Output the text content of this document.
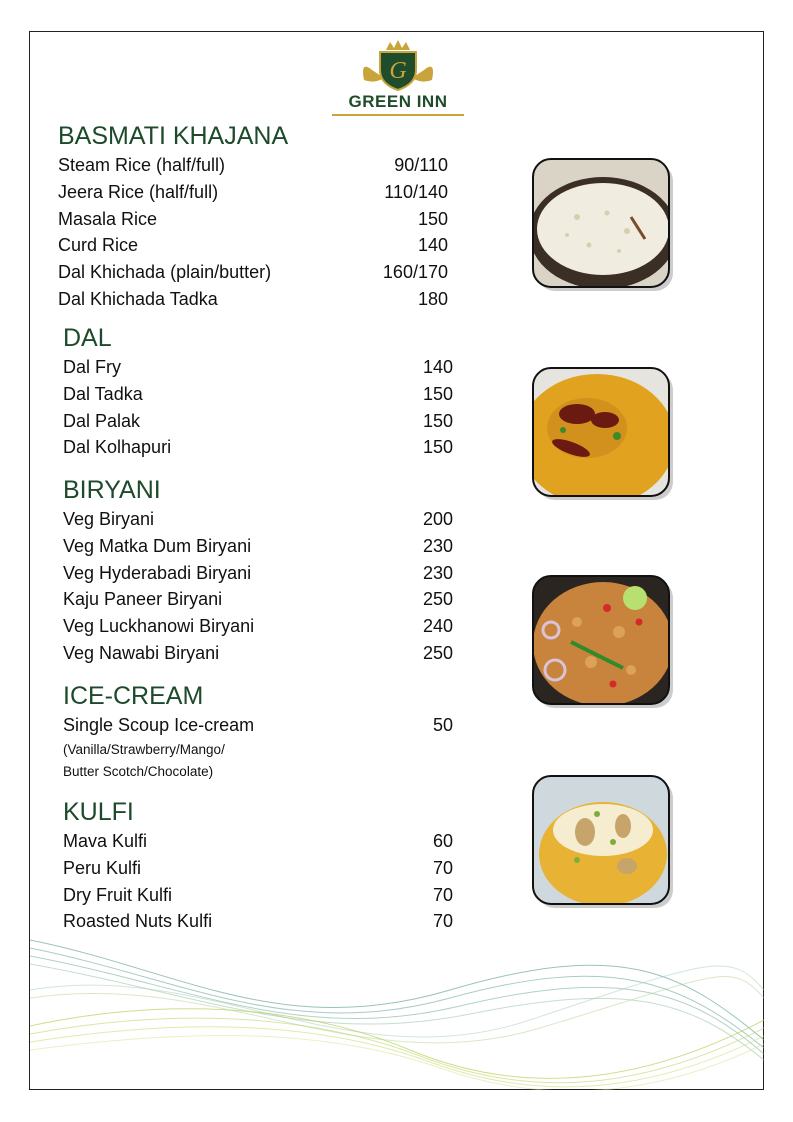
G
GREEN INN
BASMATI KHAJANA
Steam Rice (half/full)	90/110
Jeera Rice (half/full)	110/140
Masala Rice	150
Curd Rice	140
Dal Khichada (plain/butter)	160/170
Dal Khichada Tadka	180
DAL
Dal Fry	140
Dal Tadka	150
Dal Palak	150
Dal Kolhapuri	150
BIRYANI
Veg Biryani	200
Veg Matka Dum Biryani	230
Veg Hyderabadi Biryani	230
Kaju Paneer Biryani	250
Veg Luckhanowi Biryani	240
Veg Nawabi Biryani	250
ICE-CREAM
Single Scoup Ice-cream	50
(Vanilla/Strawberry/Mango/
Butter Scotch/Chocolate)
KULFI
Mava Kulfi	60
Peru Kulfi	70
Dry Fruit Kulfi	70
Roasted Nuts Kulfi	70
